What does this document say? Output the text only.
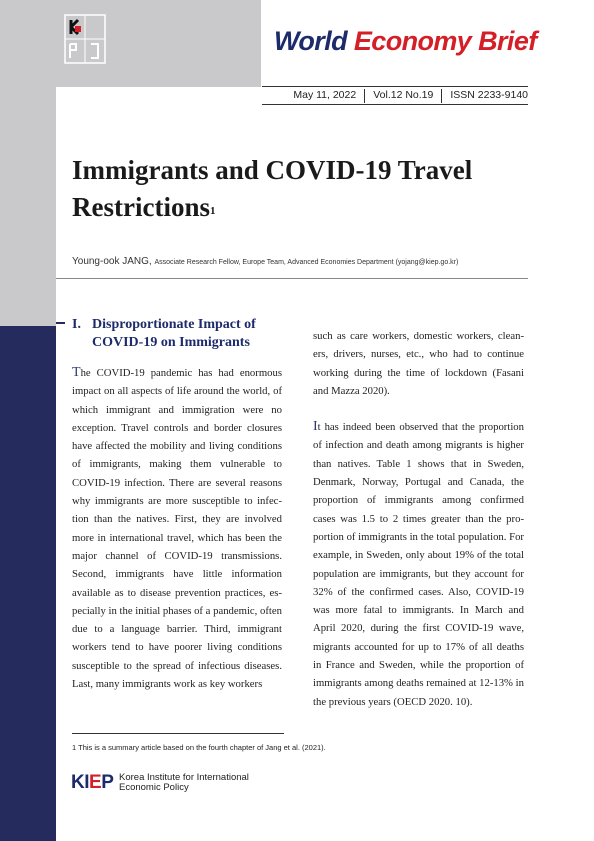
World Economy Brief
May 11, 2022	Vol.12 No.19	ISSN 2233-9140
Immigrants and COVID-19 Travel Restrictions$^1$
Young-ook JANG, Associate Research Fellow, Europe Team, Advanced Economies Department (yojang@kiep.go.kr)
I. Disproportionate Impact of
COVID-19 on Immigrants

The COVID-19 pandemic has had enormous impact on all aspects of life around the world, of which immigrant and immigration were no exception. Travel controls and border closures have affected the mobility and living conditions of immigrants, making them vulnerable to COVID-19 infection. There are several reasons why immigrants are more susceptible to infection than the natives. First, they are involved more in international travel, which has been the major channel of COVID-19 transmissions. Second, immigrants have little information available as to disease prevention practices, especially in the initial phases of a pandemic, often due to a language barrier. Third, immigrant workers tend to have poorer living conditions susceptible to the spread of infectious diseases. Last, many immigrants work as key workers

such as care workers, domestic workers, cleaners, drivers, nurses, etc., who had to continue working during the time of lockdown (Fasani and Mazza 2020).

It has indeed been observed that the proportion of infection and death among migrants is higher than natives. Table 1 shows that in Sweden, Denmark, Norway, Portugal and Canada, the proportion of immigrants among confirmed cases was 1.5 to 2 times greater than the proportion of immigrants in the total population. For example, in Sweden, only about 19% of the total population are immigrants, but they account for 32% of the confirmed cases. Also, COVID-19 was more fatal to immigrants. In March and April 2020, during the first COVID-19 wave, migrants accounted for up to 17% of all deaths in France and Sweden, while the proportion of immigrants among deaths remained at 12-13% in the previous years (OECD 2020. 10).

1 This is a summary article based on the fourth chapter of Jang et al. (2021).
KIEP Korea Institute for International
Economic Policy
